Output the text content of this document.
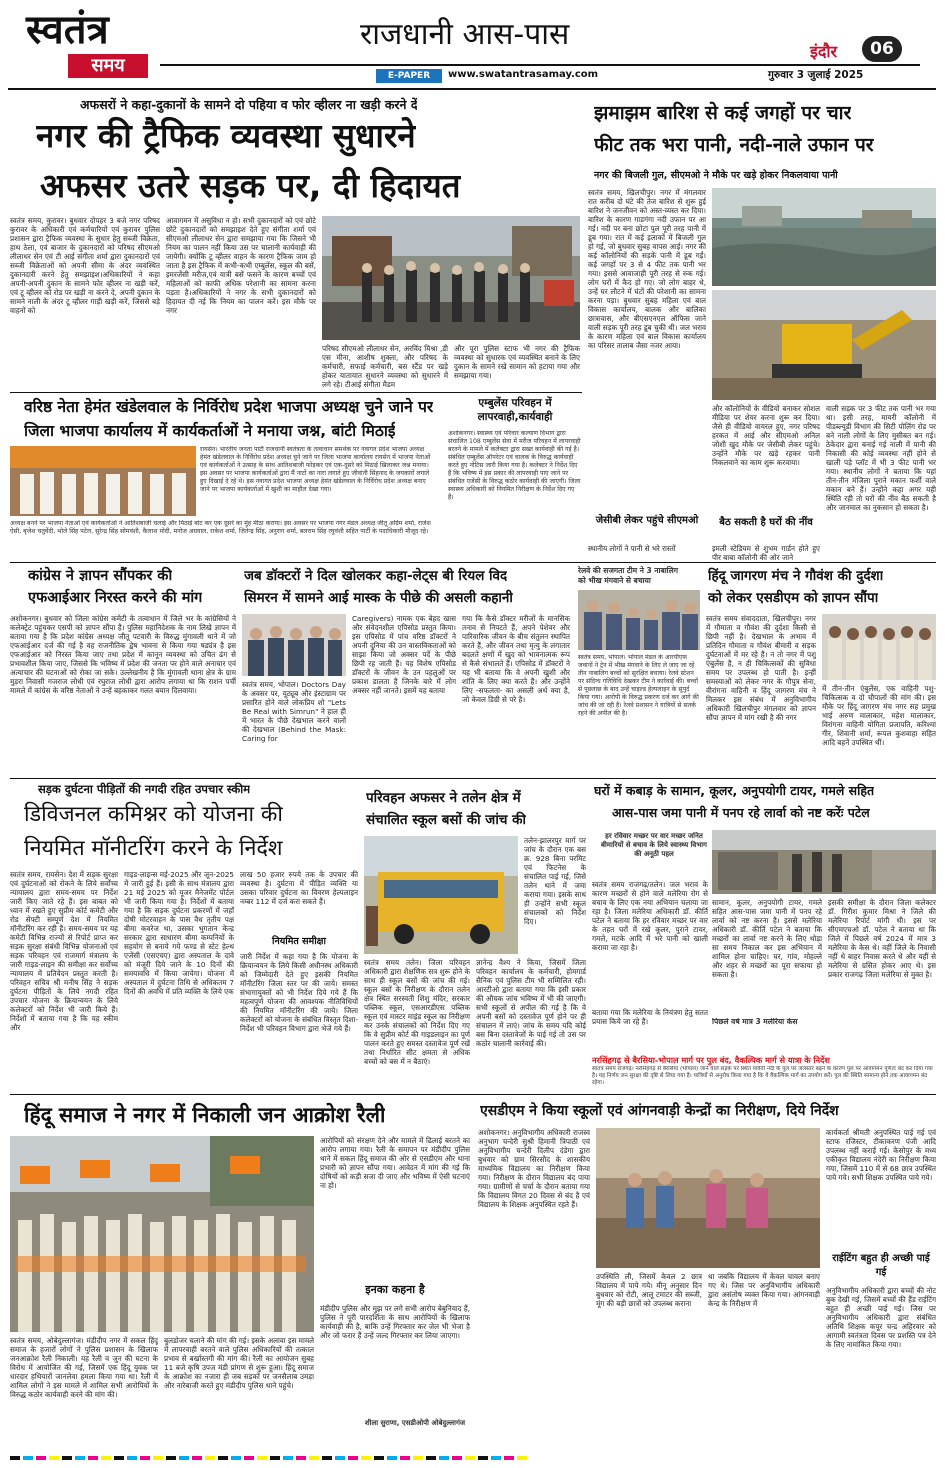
स्वतंत्र
समय
राजधानी आस-पास	इंदौर	06
E-PAPER	www.swatantrasamay.com	गुरुवार 3 जुलाई 2025
अफसरों ने कहा-दुकानों के सामने दो पहिया व फोर व्हीलर ना खड़ी करने दें
नगर की ट्रैफिक व्यवस्था सुधारने
अफसर उतरे सड़क पर, दी हिदायत
स्वतंत्र समय, कुरावर। बुधवार दोपहर 3 बजे नगर परिषद कुरावर के अधिकारी एवं कर्मचारियों एवं कुरावर पुलिस प्रशासन द्वारा ट्रैफिक व्यवस्था के सुधार हेतु सब्जी विक्रेता, हाथ ठेला, एवं बाजार के दुकानदारों को परिषद सीएमओ लीलाधर सेन एवं टी आई संगीता शर्मा द्वारा दुकानदारों एवं सब्जी विक्रेताओं को अपनी सीमा के अंदर व्यवस्थित दुकानदारी करने हेतु समझाइश।अधिकारियों ने कहा अपनी-अपनी दुकान के सामने फोर व्हीलर ना खड़ी करें, एवं टू व्हीलर को रोड पर खड़ी ना करने दे, अपनी दुकान के सामने नाली के अंदर टू व्हीलर गाड़ी खड़ी करें, जिससे बड़े वाहनों को
आवागमन में असुविधा न हो। सभी दुकानदारों को एवं छोटे छोटे दुकानदारों को समझाइश देते हुए संगीता शर्मा एवं सीएमओ लीलाधर सेन द्वारा समझाया गया कि जिसने भी नियम का पालन नहीं किया उस पर चालानी कार्यवाही की जायेगी। क्योंकि टू व्हीलर वाहन के कारण ट्रैफिक जाम हो जाता है इस ट्रैफिक में कभी-कभी एम्बुलेंस, स्कूल की बसें, इमरजेंसी मरीज,एवं यात्री बसें फसने के कारण बच्चों एवं महिलाओं को काफी अधिक परेशानी का सामना करना पड़ता है।अधिकारियों ने नगर के सभी दुकानदारों को हिदायत दी नई कि नियम का पालन करें। इस मौके पर नगर
परिषद सीएमओ लीलाधर सेन, अरविंद मिश्रा ,डी एस मीना, आशीष शुक्ला, और परिषद के कर्मचारी, सफाई कर्मचारी, बस स्टैंड पर खड़े होकर यातायात सुधारने व्यवस्था को सुधारने में लगे रहे। टीआई संगीता मैडम
और पूरा पुलिस स्टाफ भी नगर की ट्रैफिक व्यवस्था को सुधारक एवं व्यवस्थित बनाने के लिए दुकान के सामने रखे सामान को हटाया गया और समझाया गया।
झमाझम बारिश से कई जगहों पर चार
फीट तक भरा पानी, नदी-नाले उफान पर
नगर की बिजली गुल, सीएमओ ने मौके पर खड़े होकर निकलवाया पानी
स्वतंत्र समय, खिलचीपुर। नगर में मंगलवार रात करीब दो घंटे की तेज बारिश से शुरू हुई बारिश ने जनजीवन को अस्त-व्यस्त कर दिया। बारिश के कारण गाडगंगा नदी उफान पर आ गई। नदी पर बना छोटा पुल पूरी तरह पानी में डूब गया। रात में कई इलाकों में बिजली गुल हो गई, जो बुधवार सुबह वापस आई। नगर की कई कॉलोनियों की सड़कें पानी में डूब गईं। कई जगहों पर 3 से 4 फीट तक पानी भर गया। इससे आवाजाही पूरी तरह से रुक गई। लोग घरों में कैद हो गए। जो लोग बाहर थे, उन्हें घर लौटने में घंटों की परेशानी का सामना करना पड़ा। बुधवार सुबह महिला एवं बाल विकास कार्यालय, बालक और बालिका छात्रावास, और बीएसएनएल ऑफिस जाने वाली सड़क पूरी तरह डूब चुकी थी। जल भराव के कारण महिला एवं बाल विकास कार्यालय का परिसर तालाब जैसा नजर आया।
जेसीबी लेकर पहुंचे सीएमओ
स्थानीय लोगों ने पानी से भरे रास्तों
और कॉलोनियों के वीडियो बनाकर सोशल मीडिया पर शेयर करना शुरू कर दिया। जैसे ही वीडियो वायरल हुए, नगर परिषद हरकत में आई और सीएमओ अनिल जोशी खुद मौके पर जेसीबी लेकर पहुंचे। उन्होंने मौके पर खड़े रहकर पानी निकलवाने का काम शुरू करवाया।
बैठ सकती है घरों की नींव
इमली स्टेडियम से शुभम गार्डन होते हुए पीर बाबा कॉलोनी की ओर जाने
वाली सड़क पर 3 फीट तक पानी भर गया था। इसी तरह, मायरी कॉलोनी में पीडब्ल्यूडी विभाग की सिटी पोलिंग रोड पर बने नाली लोगों के लिए मुसीबत बन गई। ठेकेदार द्वारा बनाई गई नाली में पानी की निकासी की कोई व्यवस्था नहीं होने से खाली पड़े प्लॉट में भी 3 फीट पानी भर गया। स्थानीय लोगों ने बताया कि यहां तीन-तीन मंजिला पुराने मकान फर्शी वाले मकान बने हैं। उन्होंने कहा अगर यही स्थिति रही तो घरों की नींव बैठ सकती है और जानमाल का नुकसान हो सकता है।
वरिष्ठ नेता हेमंत खंडेलवाल के निर्विरोध प्रदेश भाजपा अध्यक्ष चुने जाने पर
जिला भाजपा कार्यालय में कार्यकर्ताओं ने मनाया जश्न, बांटी मिठाई
रायसेन। भारतीय जनता पार्टी राजधानी स्वतंत्रता के तत्वाधान समर्थक पर नवागत प्रदेश भाजपा अध्यक्ष हेमंत खंडेलवाल के निर्विरोध प्रदेश अध्यक्ष चुने जाने पर जिला भाजपा कार्यालय रायसेन में भाजपा नेताओं एवं कार्यकर्ताओं ने उत्साह के साथ आतिशबाजी फोड़कर एवं एक-दूसरे को मिठाई खिलाकर जश्न मनाया। इस अवसर पर भाजपा कार्यकर्ताओं द्वारा मैं नाटों का नारा लगाते हुए जीवांती सिंहनाद के जयकारों लगाते हुए दिखाई दे रहे थे। इस नवागत प्रदेश भाजपा अध्यक्ष हेमंत खंडेलवाल के निर्विरोध प्रदेश अध्यक्ष बनाए जाने पर भाजपा कार्यकर्ताओं में खुशी का माहौल देखा गया।
अध्यक्ष बनने पर भाजपा नेताओं एवं कार्यकर्ताओं ने आतिशबाजी चलाई और मिठाई बांट कर एक दूसरे का मुंह मीठा कराया। इस अवसर पर भाजपा नगर मंडल अध्यक्ष जीतू अग्रिम शर्मा, राजेश ऐसी, बृजेश चतुर्वेदी, भोले सिंह पटेल, सुरेन्द्र सिंह सोमवंशी, कैलाश मोदी, मनोज अग्रवाल, राकेश शर्मा, जितेन्द्र सिंह, अनुराग शर्मा, बलराम सिंह रघुवंशी सहित पार्टी के पदाधिकारी मौजूद रहे।
एम्बुलेंस परिवहन में
लापरवाही,कार्यवाही
अशोकनगर। स्वास्थ्य एवं परिवार कल्याण विभाग द्वारा संचालित 108 एम्बुलेंस सेवा में मरीज परिवहन में लापरवाही बरतने के मामले में कलेक्टर द्वारा सख्त कार्यवाही की गई है। संबंधित एम्बुलेंस ऑपरेटर एवं चालक के विरुद्ध कार्यवाही करते हुए नोटिस जारी किया गया है। कलेक्टर ने निर्देश दिए हैं कि भविष्य में इस प्रकार की लापरवाही पाए जाने पर संबंधित एजेंसी के विरुद्ध कठोर कार्यवाही की जाएगी। जिला स्वास्थ्य अधिकारी को नियमित निरीक्षण के निर्देश दिए गए हैं।
कांग्रेस ने ज्ञापन सौंपकर की
एफआईआर निरस्त करने की मांग
अशोकनगर। बुधवार को जिला कांग्रेस कमेटी के तत्वाधान में जिले भर के कांग्रेसियों ने कलेक्ट्रेट पहुंचकर एसपी को ज्ञापन सौंपा है। पुलिस महानिदेशक के नाम लिखे ज्ञापन में बताया गया है कि प्रदेश कांग्रेस अध्यक्ष जीतू पटवारी के विरुद्ध मुंगावली थाने में जो एफआईआर दर्ज की गई है वह राजनीतिक द्वेष भावना से किया गया षड्यंत्र है इस एफआईआर को निरस्त किया जाए तथा प्रदेश में कानून व्यवस्था को उचित ढंग से प्रभावशील किया जाए, जिससे कि भविष्य में प्रदेश की जनता पर होने वाले अनाचार एवं अत्याचार की घटनाओं को रोका जा सके। उल्लेखनीय है कि मुंगावली थाना क्षेत्र के ग्राम मुड़रा निवासी गजराज लोधी एवं रघुराज लोधी द्वारा आरोप लगाया था कि राशन पर्ची मामले में कांग्रेस के वरिष्ठ नेताओं ने उन्हें बहकाकर गलत बयान दिलवाया।
जब डॉक्टरों ने दिल खोलकर कहा-लेट्स बी रियल विद
सिमरन में सामने आई मास्क के पीछे की असली कहानी
स्वतंत्र समय, भोपाल। Doctors Day के अवसर पर, यूट्यूब और इंस्टाग्राम पर प्रसारित होने वाले लोकप्रिय शो "Lets Be Real with Simrun" ने हाल ही में भारत के पीछे देखभाल करने वालों की देखभाल (Behind the Mask: Caring for
Caregivers) नामक एक बेहद खास और संवेदनशील एपिसोड प्रस्तुत किया। इस एपिसोड में पांच वरिष्ठ डॉक्टरों ने अपनी दुनिया की उन वास्तविकताओं को साझा किया जो अक्सर पर्दे के पीछे छिपी रह जाती हैं। यह विशेष एपिसोड डॉक्टरों के जीवन के उन पहलुओं पर प्रकाश डालता है जिनके बारे में लोग अक्सर नहीं जानते। इसमें यह बताया
गया कि कैसे डॉक्टर मरीजों के मानसिक तनाव से निपटते हैं, अपने पेशेवर और पारिवारिक जीवन के बीच संतुलन स्थापित करते हैं, और जीवन तथा मृत्यु के लगातार बदलते क्षणों में खुद को भावनात्मक रूप से कैसे संभालते हैं। एपिसोड में डॉक्टरों ने यह भी बताया कि वे अपनी खुशी और शांति के लिए क्या करते हैं। और उन्होंने लिए -सफलता- का असली अर्थ क्या है, जो केवल डिग्री से परे है।
रेलवे की सजगता टीम ने 3 नाबालिग
को भीख मंगवाने से बचाया
स्वतंत्र समय, भोपाल। भोपाल मंडल के आरपीएफ जवानों ने ट्रेन में भीख मंगवाने के लिए ले जाए जा रहे तीन नाबालिग बच्चों को सुरक्षित बचाया। रेलवे स्टेशन पर संदिग्ध गतिविधि देखकर टीम ने कार्रवाई की। बच्चों से पूछताछ के बाद उन्हें चाइल्ड हेल्पलाइन के सुपुर्द किया गया। आरोपी के विरुद्ध प्रकरण दर्ज कर आगे की जांच की जा रही है। रेलवे प्रशासन ने यात्रियों से सतर्क रहने की अपील की है।
हिंदू जागरण मंच ने गौवंश की दुर्दशा
को लेकर एसडीएम को ज्ञापन सौंपा
स्वतंत्र समय संवाददाता, खिलचीपुर। नगर में गौमाता व गौवंश की दुर्दशा किसी से छिपी नहीं है। देखभाल के अभाव में प्रतिदिन गौमाता व गौवंश बीमारी व सड़क दुर्घटनाओं में मर रहे हैं। न तो नगर में पशु एंबुलेंस है, न ही चिकित्सकों की सुविधा समय पर उपलब्ध हो पाती है। इन्हीं समस्याओं को लेकर नगर के गौपुत्र सेना, वीरांगना वाहिनी व हिंदू जागरण मंच ने मिलकर इस संबंध में अनुविभागीय अधिकारी खिलचीपुर मंगलवार को ज्ञापन सौंपा ज्ञापन में मांग रखी है की नगर
में तीन-तीन एंबुलेंस, एक वाहिनी पशु-चिकित्सक व दो चौपालों की मांग की। इस मौके पर हिंदू जागरण मंच नगर सह प्रमुख भाई अरुण मालाकार, महेश मालाकार, विरांगना वाहिनी योगिता प्रजापति, करिश्मा गीर, शिवानी शर्मा, रूपल कुशवाहा सहित आदि बहनें उपस्थित थीं।
सड़क दुर्घटना पीड़ितों की नगदी रहित उपचार स्कीम
डिविजनल कमिश्नर को योजना की
नियमित मॉनीटरिंग करने के निर्देश
स्वतंत्र समय, रायसेन। देश में सड़क सुरक्षा एवं दुर्घटनाओं को रोकने के लिये सर्वोच्च न्यायालय द्वारा समय-समय पर निर्देश जारी किए जाते रहे हैं। इस बाबत को ध्यान में रखते हुए सुप्रीम कोर्ट कमेटी और रोड सेफ्टी सम्पूर्ण देश में नियमित मॉनीटरिंग कर रही है। समय-समय पर यह कमेटी विभिन्न राज्यों से रिपोर्ट प्राप्त कर सड़क सुरक्षा संबंधी विभिन्न योजनाओं एवं सड़क परिवहन एवं राजमार्ग मंत्रालय के जारी गाइड-लाइन की समीक्षा कर सर्वोच्च न्यायालय में प्रतिवेदन प्रस्तुत करती है। परिवहन सचिव श्री मनीष सिंह ने सड़क दुर्घटना पीड़ितों के लिये नगदी रहित उपचार योजना के क्रियान्वयन के लिये कलेक्टरों को निर्देश भी जारी किये हैं। निर्देशों में बताया गया है कि यह स्कीम और
गाइड-लाइन्स मई-2025 और जून-2025 में जारी हुई हैं। इसी के साथ मंत्रालय द्वारा 21 मई 2025 को यूजर मैनेजमेंट पोर्टल भी जारी किया गया है। निर्देशों में बताया गया है कि सड़क दुर्घटना प्रकरणों में जहाँ दोषी मोटरवाहन के पास वैध तृतीय पक्ष बीमा कवरेज था, उसका भुगतान केन्द्र सरकार द्वारा साधारण बीमा कम्पनियों के सहयोग से बनाये गये फण्ड से स्टेट हेल्थ एजेंसी (एसएचए) द्वारा अस्पताल के दावे को मंजूरी दिये जाने के 10 दिनों की समयावधि में किया जायेगा। योजना में अस्पताल में दुर्घटना तिथि से अधिकतम 7 दिनों की अवधि में प्रति व्यक्ति के लिये एक
लाख 50 हजार रुपये तक के उपचार की व्यवस्था है। दुर्घटना में पीड़ित व्यक्ति या उसका परिवार दुर्घटना का विवरण हेल्पलाइन नम्बर 112 में दर्ज करा सकते हैं।
नियमित समीक्षा
जारी निर्देश में कहा गया है कि योजना के क्रियान्वयन के लिये किसी अधीनस्थ अधिकारी को जिम्मेदारी देते हुए इसकी नियमित मॉनीटरिंग जिला स्तर पर की जाये। समस्त संभागायुक्तों को भी निर्देश दिये गये हैं कि महत्वपूर्ण योजना की आवश्यक नीतिविधियों की नियमित मॉनीटरिंग की जाये। जिला कलेक्टरों को योजना के संबंधित विस्तृत दिशा-निर्देश भी परिवहन विभाग द्वारा भेजे गये हैं।
परिवहन अफसर ने तलेन क्षेत्र में
संचालित स्कूल बसों की जांच की
तलेन-झालरपुर मार्ग पर जांच के दौरान एक बस क्र. 928 बिना परमिट एवं फिटनेस के संचालित पाई गई, जिसे तलेन थाने में जमा कराया गया। इसके साथ ही उन्होंने सभी स्कूल संचालकों को निर्देश दिए।
स्वतंत्र समय तलेन। जिला परिवहन अधिकारी द्वारा शैक्षणिक सत्र शुरू होने के साथ ही स्कूल बसों की जांच की गई। स्कूल बसों के निरीक्षण के दौरान तलेन क्षेत्र स्थित सरस्वती शिशु मंदिर, सरकार पब्लिक स्कूल, एसआरडीएस पब्लिक स्कूल एवं मास्टर माइंड स्कूल का निरीक्षण कर उनके संचालकों को निर्देश दिए गए कि वे सुप्रीम कोर्ट की गाइडलाइन का पूर्ण पालन करते हुए समस्त दस्तावेज पूर्ण रखें तथा निर्धारित सीट क्षमता से अधिक बच्चों को बस में न बैठाएं।
ज्ञानेन्द्र वैश्य ने किया, जिसमें जिला परिवहन कार्यालय के कर्मचारी, होमगार्ड सैनिक एवं पुलिस टीम भी सम्मिलित रही।आरटीओ द्वारा बताया गया कि इसी प्रकार की औचक जांच भविष्य में भी की जाएगी। सभी स्कूलों से अपील की गई है कि वे अपनी बसों को दस्तावेज पूर्ण होने पर ही संचालन में लाएं। जांच के समय यदि कोई बस बिना दस्तावेजों के पाई गई तो उस पर कठोर चालानी कार्रवाई की।
घरों में कबाड़ के सामान, कूलर, अनुपयोगी टायर, गमले सहित
आस-पास जमा पानी में पनप रहे लार्वा को नष्ट करेंः पटेल
हर रविवार मच्छर पर वार मच्छर जनित बीमारियों से बचाव के लिये स्वास्थ्य विभाग की अनूठी पहल
स्वतंत्र समय राजगढ़/तलेन। जल भराव के कारण मच्छरों से होने वाले मलेरिया रोग से बचाव के लिए एक नया अभियान चलाया जा रहा है। जिला मलेरिया अधिकारी डॉ. कीर्ति पटेल ने बताया कि हर रविवार मच्छर पर वार के तहत घरों में रखे कूलर, पुराने टायर, गमले, मटके आदि में भरे पानी को खाली कराया जा रहा है।
पिछले वर्ष मात्र 3 मलेरिया केस
बताया गया कि मलेरिया के नियंत्रण हेतु सतत प्रयास किये जा रहे हैं।
सामान, कूलर, अनुपयोगी टायर, गमले सहित आस-पास जमा पानी में पनप रहे लार्वा को नष्ट करना है। इससे मलेरिया अधिकारी डॉ. कीर्ति पटेल ने बताया कि मच्छरों का लार्वा नष्ट करने के लिए थोड़ा सा समय निकाल कर इस अभियान में शामिल होना चाहिए। घर, गांव, मोहल्ले और शहर से मच्छरों का पूरा सफाया हो सकता है।
इसकी समीक्षा के दौरान जिला कलेक्टर डॉ. गिरीश कुमार मिश्रा ने जिले की मलेरिया रिपोर्ट मांगी थी। इस पर सीएमएचओ डॉ. पटेल ने बताया था कि जिले में पिछले वर्ष 2024 में मात्र 3 मलेरिया के केस थे। वहीं जिले के निवासी नहीं थे बाहर निवास करते थे और यहीं से मलेरिया से ग्रसित होकर आए थे। इस प्रकार राजगढ़ जिला मलेरिया से मुक्त है।
नरसिंहगढ़ से बैरसिया-भोपाल मार्ग पर पुल बंद, वैकल्पिक मार्ग से यात्रा के निर्देश
स्वतंत्र समय राजगढ़। नरसिंहगढ़ से बैरसिया (भोपाल) जाने वाले सड़क पर स्थित पार्वती नदी के पुल पर जलस्तर बढ़ने के कारण पुल पर आवागमन पूर्णतः बंद कर दिया गया है। यह निर्णय जन सुरक्षा की दृष्टि से लिया गया है। यात्रियों से अनुरोध किया गया है कि वे वैकल्पिक मार्ग का उपयोग करें। पुल की स्थिति सामान्य होने तक आवागमन बंद रहेगा।
हिंदू समाज ने नगर में निकाली जन आक्रोश रैली
स्वतंत्र समय, ओबेदुल्लागंज। मंडीदीप नगर में सकल हिंदू समाज के हजारों लोगों ने पुलिस प्रशासन के खिलाफ जनआक्रोश रैली निकाली। यह रैली व जुन की घटना के विरोध में आयोजित की गई, जिसमें एक हिंदू युवक पर धारदार हथियारों जानलेवा हमला किया गया था। रैली में शामिल लोगों ने इस मामले में शामिल सभी आरोपियों के विरुद्ध कठोर कार्यवाही करने की मांग की।
बुलडोजर चलाने की मांग की गई। इसके अलावा इस मामले में लापरवाही बरतने वाले पुलिस अधिकारियों की तत्काल प्रभाव से बर्खास्तगी की मांग की। रैली का आयोजन सुबह 11 बजे कृषि उपज मंडी प्रांगण से शुरू हुआ। हिंदू समाज के आक्रोश का नजारा ही जब सड़कों पर जनसैलाब उमड़ा और नारेबाजी करते हुए मंडीदीप पुलिस थाने पहुंचे।
आरोपियों को संरक्षण देने और मामले में ढिलाई बरतने का आरोप लगाया गया। रैली के समापन पर मंडीदीप पुलिस थाने में सकल हिंदू समाज की ओर से एसडीएम और थाना प्रभारी को ज्ञापन सौंपा गया। आवेदन में मांग की गई कि दोषियों को कड़ी सजा दी जाए और भविष्य में ऐसी घटनाएं ना हो।
इनका कहना है
मंडीदीप पुलिस और मुझ पर लगे सभी आरोप बेबुनियाद हैं, पुलिस ने पूरी पारदर्शिता के साथ आरोपियों के खिलाफ कार्यवाही की है, बाकि उन्हें गिरफ्तार कर जेल भी भेजा है और जो फरार हैं उन्हें जल्द गिरफ्तार कर लिया जाएगा।
शीला सुराणा, एसडीओपी ओबेदुल्लागंज
एसडीएम ने किया स्कूलों एवं आंगनवाड़ी केन्द्रों का निरीक्षण, दिये निर्देश
अशोकनगर। अनुविभागीय अधिकारी राजस्व अनुभाग चन्देरी सुश्री हिमानी त्रिपाठी एवं अनुविभागीय चन्देरी दिलीप दंडेगा द्वारा बुधवार को ग्राम सिरसौद के शासकीय माध्यमिक विद्यालय का निरीक्षण किया गया। निरीक्षण के दौरान विद्यालय बंद पाया गया। ग्रामीणों से चर्चा के दौरान बताया गया कि विद्यालय विगत 20 दिवस से बंद है एवं विद्यालय के शिक्षक अनुपस्थित रहते हैं।
उपस्थिति ली, जिसमें केवल 2 छात्र विद्यालय में पाये गये। मीनू अनुसार दिन बुधवार को रोटी, आलू टमाटर की सब्जी, मूंग की बड़ी छात्रों को उपलब्ध कराना
था जबकि विद्यालय में केवल चावल बनाए गए थे। जिस पर अनुविभागीय अधिकारी द्वारा असंतोष व्यक्त किया गया। आंगनवाड़ी केन्द्र के निरीक्षण में
कार्यकर्ता श्रीमती अनुपस्थित पाई गई एवं स्टाफ रजिस्टर, टीकाकरण पंजी आदि उपलब्ध नहीं कराई गई। केसोपुर के मध्य एकीकृत विद्यालय नंदेरी का निरीक्षण किया गया, जिसमें 110 में से 68 छात्र उपस्थित पाये गये। सभी शिक्षक उपस्थित पाये गये।
राईटिंग बहुत ही अच्छी पाई गई
अनुविभागीय अधिकारी द्वारा बच्चों की नोट बुक देखी गई, जिसमें बच्चों की हैंड राईटिंग बहुत ही अच्छी पाई गई। जिस पर अनुविभागीय अधिकारी द्वारा संबंधित अतिथि शिक्षक कपूर चन्द्र अहिरवार को आगामी स्वतंत्रता दिवस पर प्रशस्ति पत्र देने के लिए नामांकित किया गया।
